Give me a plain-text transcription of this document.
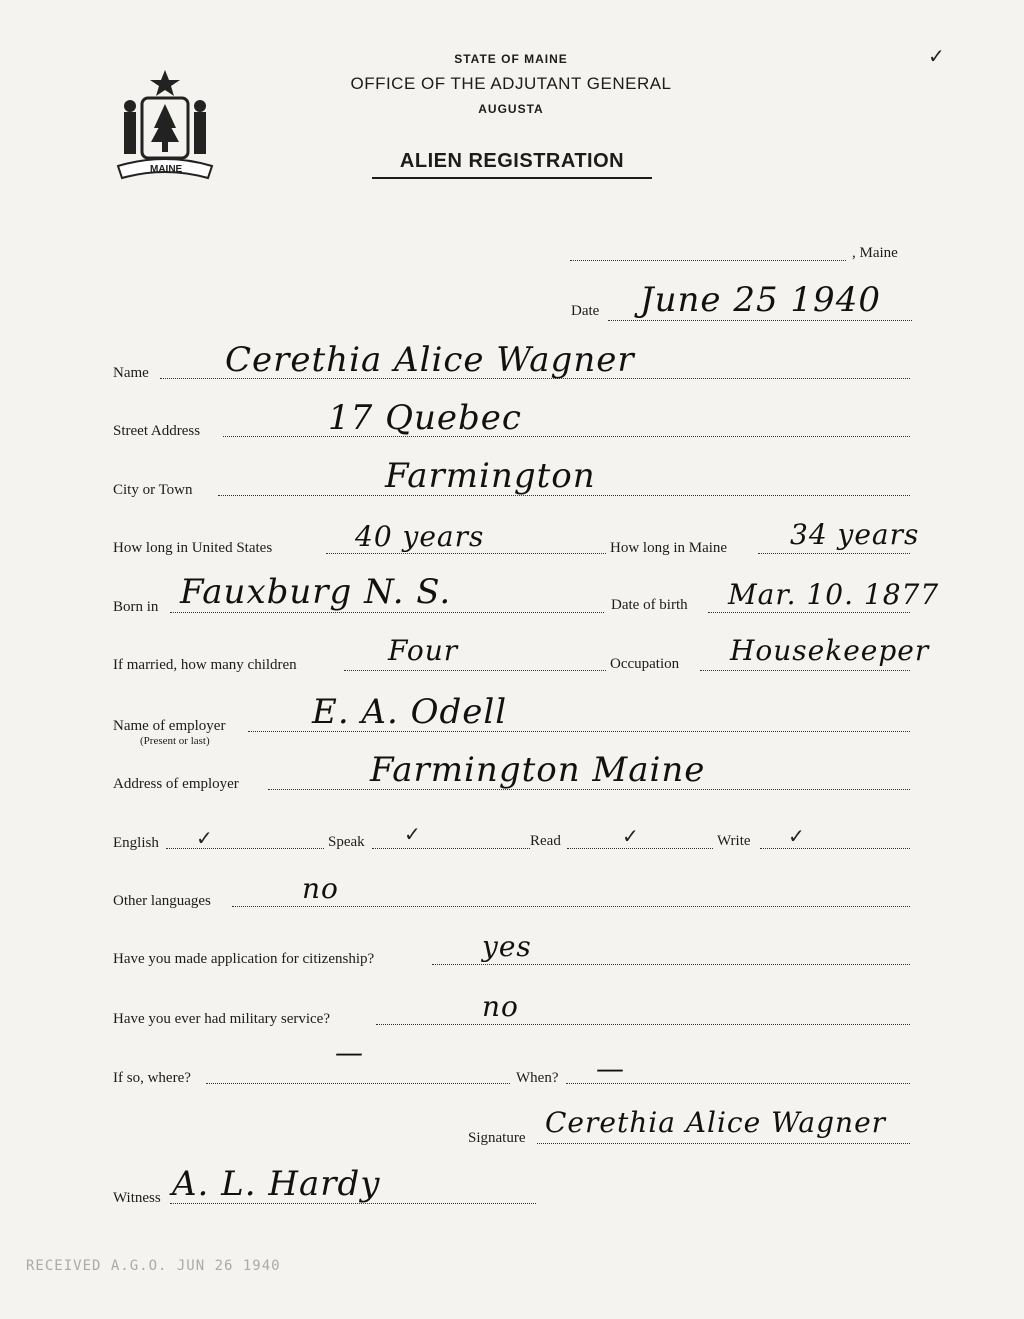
MAINE
STATE OF MAINE
OFFICE OF THE ADJUTANT GENERAL
AUGUSTA
ALIEN REGISTRATION
✓
, Maine
Date June 25 1940
Name Cerethia Alice Wagner
Street Address	17 Quebec
City or Town	Farmington
How long in United States	40 years	How long in Maine 34 years
Born in Fauxburg N. S.	Date of birth Mar. 10. 1877
If married, how many children	Four	Occupation Housekeeper
Name of employer
(Present or last)
E. A. Odell
Address of employer	Farmington Maine
English ✓	Speak ✓	Read	✓	Write ✓
Other languages	no
Have you made application for citizenship?	yes
Have you ever had military service?	no
If so, where?
—
When? —
Signature Cerethia Alice Wagner
Witness A. L. Hardy
RECEIVED A.G.O. JUN 26 1940
